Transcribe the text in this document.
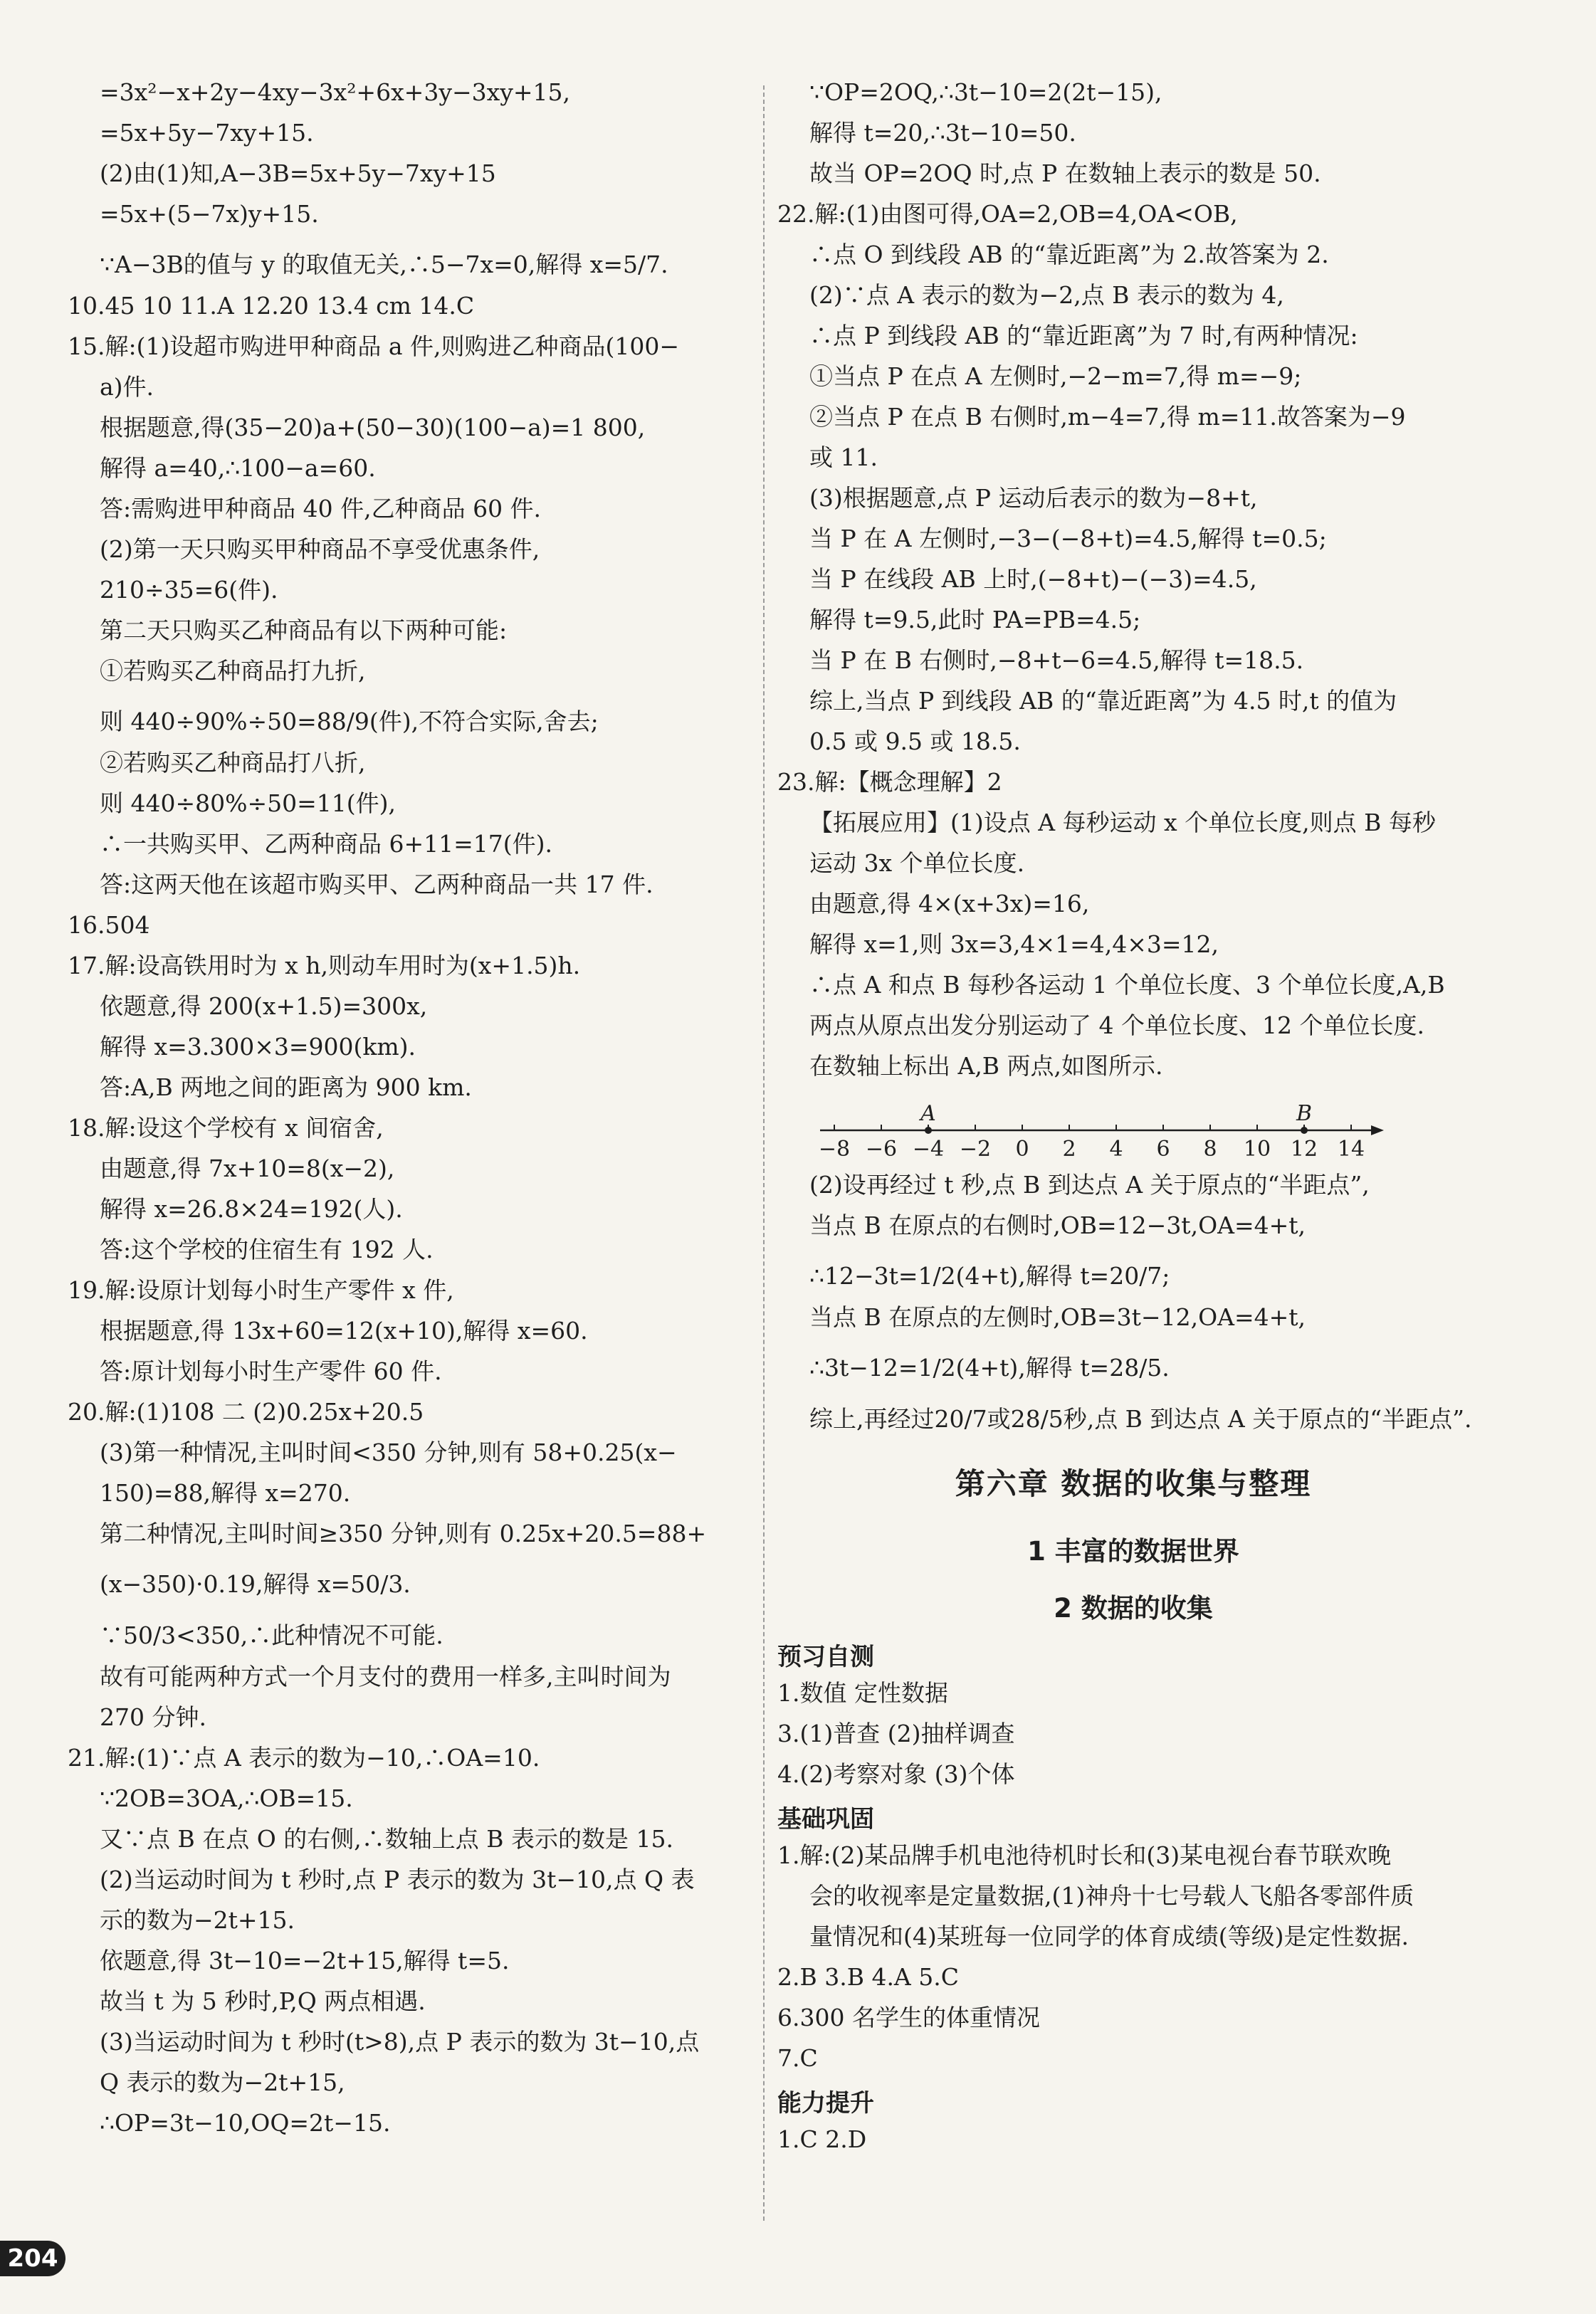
=3x²−x+2y−4xy−3x²+6x+3y−3xy+15,
=5x+5y−7xy+15.
(2)由(1)知,A−3B=5x+5y−7xy+15
=5x+(5−7x)y+15.
∵A−3B的值与 y 的取值无关,∴5−7x=0,解得 x=5/7.
10.45 10 11.A 12.20 13.4 cm 14.C
15.解:(1)设超市购进甲种商品 a 件,则购进乙种商品(100−
a)件.
根据题意,得(35−20)a+(50−30)(100−a)=1 800,
解得 a=40,∴100−a=60.
答:需购进甲种商品 40 件,乙种商品 60 件.
(2)第一天只购买甲种商品不享受优惠条件,
210÷35=6(件).
第二天只购买乙种商品有以下两种可能:
①若购买乙种商品打九折,
则 440÷90%÷50=88/9(件),不符合实际,舍去;
②若购买乙种商品打八折,
则 440÷80%÷50=11(件),
∴一共购买甲、乙两种商品 6+11=17(件).
答:这两天他在该超市购买甲、乙两种商品一共 17 件.
16.504
17.解:设高铁用时为 x h,则动车用时为(x+1.5)h.
依题意,得 200(x+1.5)=300x,
解得 x=3.300×3=900(km).
答:A,B 两地之间的距离为 900 km.
18.解:设这个学校有 x 间宿舍,
由题意,得 7x+10=8(x−2),
解得 x=26.8×24=192(人).
答:这个学校的住宿生有 192 人.
19.解:设原计划每小时生产零件 x 件,
根据题意,得 13x+60=12(x+10),解得 x=60.
答:原计划每小时生产零件 60 件.
20.解:(1)108 二 (2)0.25x+20.5
(3)第一种情况,主叫时间<350 分钟,则有 58+0.25(x−
150)=88,解得 x=270.
第二种情况,主叫时间≥350 分钟,则有 0.25x+20.5=88+
(x−350)·0.19,解得 x=50/3.
∵50/3<350,∴此种情况不可能.
故有可能两种方式一个月支付的费用一样多,主叫时间为
270 分钟.
21.解:(1)∵点 A 表示的数为−10,∴OA=10.
∵2OB=3OA,∴OB=15.
又∵点 B 在点 O 的右侧,∴数轴上点 B 表示的数是 15.
(2)当运动时间为 t 秒时,点 P 表示的数为 3t−10,点 Q 表
示的数为−2t+15.
依题意,得 3t−10=−2t+15,解得 t=5.
故当 t 为 5 秒时,P,Q 两点相遇.
(3)当运动时间为 t 秒时(t>8),点 P 表示的数为 3t−10,点
Q 表示的数为−2t+15,
∴OP=3t−10,OQ=2t−15.
∵OP=2OQ,∴3t−10=2(2t−15),
解得 t=20,∴3t−10=50.
故当 OP=2OQ 时,点 P 在数轴上表示的数是 50.
22.解:(1)由图可得,OA=2,OB=4,OA<OB,
∴点 O 到线段 AB 的“靠近距离”为 2.故答案为 2.
(2)∵点 A 表示的数为−2,点 B 表示的数为 4,
∴点 P 到线段 AB 的“靠近距离”为 7 时,有两种情况:
①当点 P 在点 A 左侧时,−2−m=7,得 m=−9;
②当点 P 在点 B 右侧时,m−4=7,得 m=11.故答案为−9
或 11.
(3)根据题意,点 P 运动后表示的数为−8+t,
当 P 在 A 左侧时,−3−(−8+t)=4.5,解得 t=0.5;
当 P 在线段 AB 上时,(−8+t)−(−3)=4.5,
解得 t=9.5,此时 PA=PB=4.5;
当 P 在 B 右侧时,−8+t−6=4.5,解得 t=18.5.
综上,当点 P 到线段 AB 的“靠近距离”为 4.5 时,t 的值为
0.5 或 9.5 或 18.5.
23.解:【概念理解】2
【拓展应用】(1)设点 A 每秒运动 x 个单位长度,则点 B 每秒
运动 3x 个单位长度.
由题意,得 4×(x+3x)=16,
解得 x=1,则 3x=3,4×1=4,4×3=12,
∴点 A 和点 B 每秒各运动 1 个单位长度、3 个单位长度,A,B
两点从原点出发分别运动了 4 个单位长度、12 个单位长度.
在数轴上标出 A,B 两点,如图所示.
−8 −6 −4 −2 0 2 4 6 8 10 12 14
A	B
(2)设再经过 t 秒,点 B 到达点 A 关于原点的“半距点”,
当点 B 在原点的右侧时,OB=12−3t,OA=4+t,
∴12−3t=1/2(4+t),解得 t=20/7;
当点 B 在原点的左侧时,OB=3t−12,OA=4+t,
∴3t−12=1/2(4+t),解得 t=28/5.
综上,再经过20/7或28/5秒,点 B 到达点 A 关于原点的“半距点”.
第六章 数据的收集与整理
1 丰富的数据世界
2 数据的收集
预习自测
1.数值 定性数据
3.(1)普查 (2)抽样调查
4.(2)考察对象 (3)个体
基础巩固
1.解:(2)某品牌手机电池待机时长和(3)某电视台春节联欢晚
会的收视率是定量数据,(1)神舟十七号载人飞船各零部件质
量情况和(4)某班每一位同学的体育成绩(等级)是定性数据.
2.B 3.B 4.A 5.C
6.300 名学生的体重情况
7.C
能力提升
1.C 2.D
204
